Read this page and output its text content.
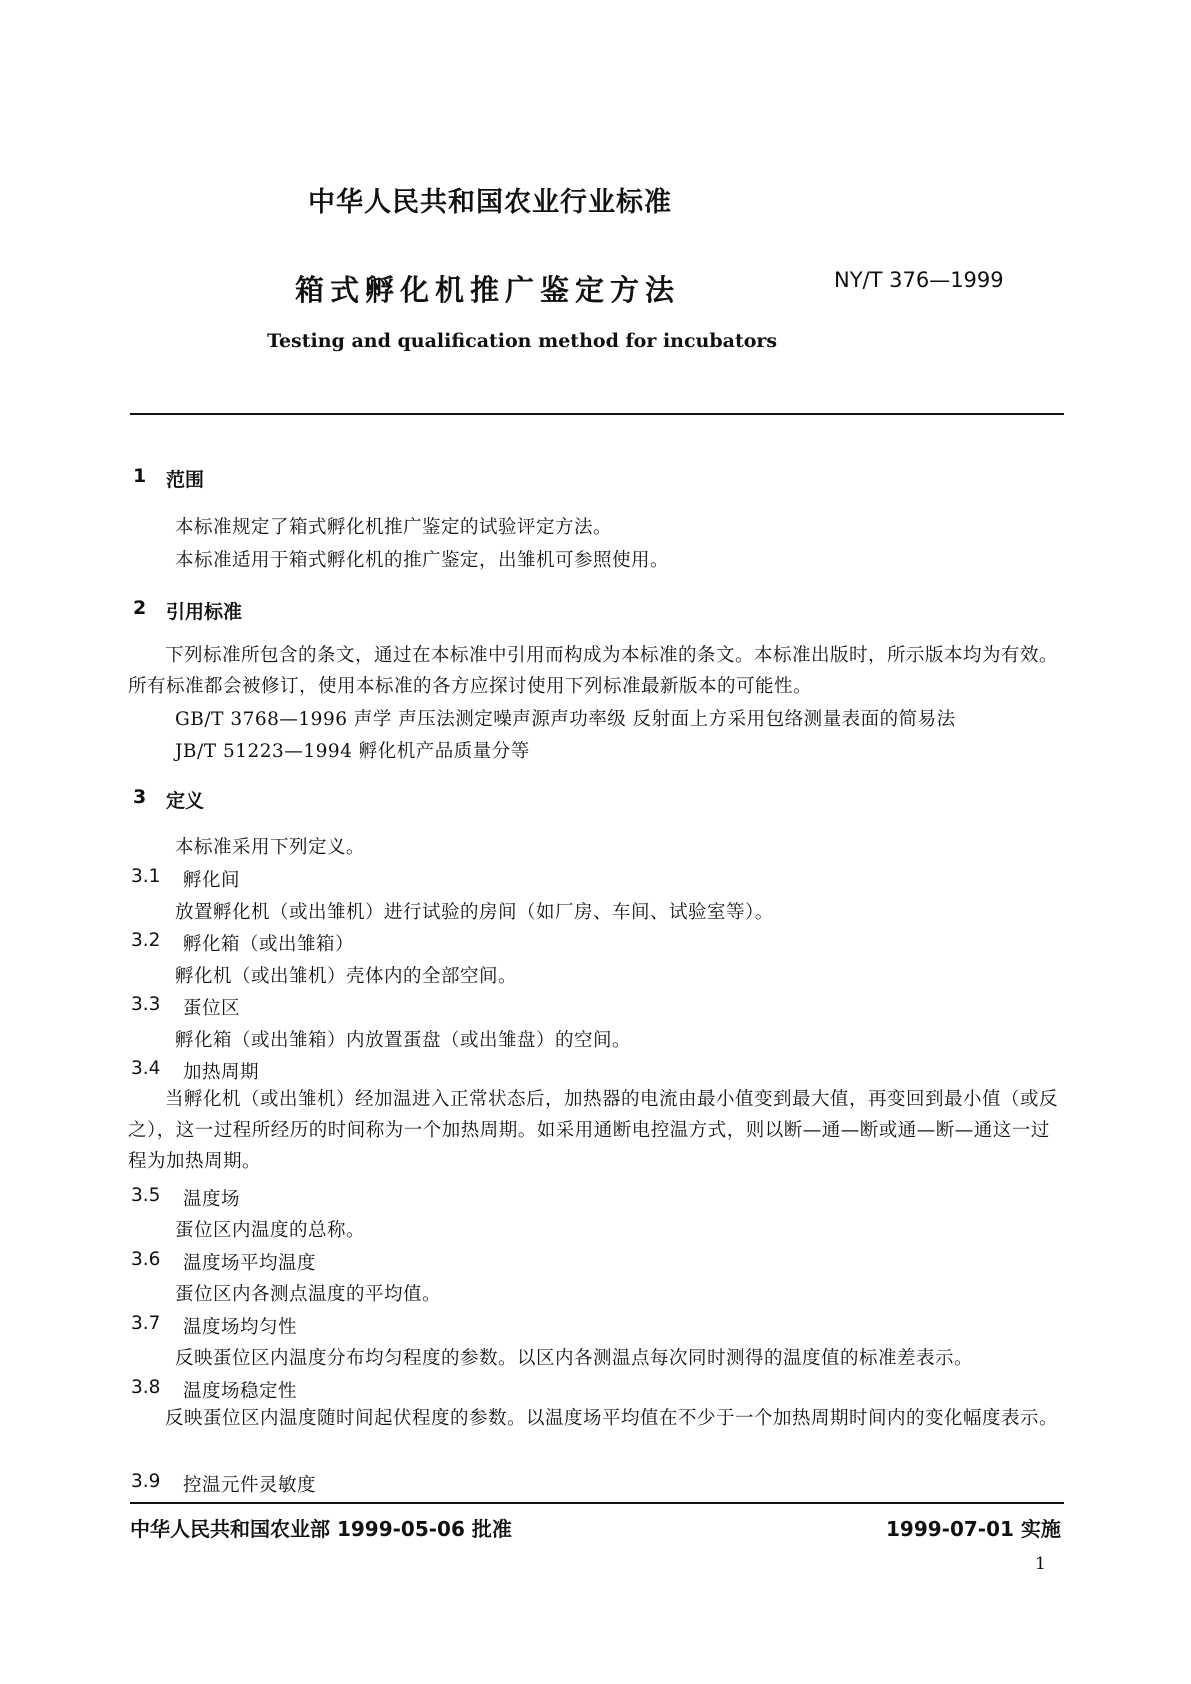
中华人民共和国农业行业标准
箱式孵化机推广鉴定方法	NY/T 376—1999
Testing and qualification method for incubators
1 范围
本标准规定了箱式孵化机推广鉴定的试验评定方法。
本标准适用于箱式孵化机的推广鉴定，出雏机可参照使用。
2 引用标准
下列标准所包含的条文，通过在本标准中引用而构成为本标准的条文。本标准出版时，所示版本均为有效。所有标准都会被修订，使用本标准的各方应探讨使用下列标准最新版本的可能性。
GB/T 3768—1996 声学 声压法测定噪声源声功率级 反射面上方采用包络测量表面的简易法
JB/T 51223—1994 孵化机产品质量分等
3 定义
本标准采用下列定义。
3.1 孵化间
放置孵化机（或出雏机）进行试验的房间（如厂房、车间、试验室等）。
3.2 孵化箱（或出雏箱）
孵化机（或出雏机）壳体内的全部空间。
3.3 蛋位区
孵化箱（或出雏箱）内放置蛋盘（或出雏盘）的空间。
3.4 加热周期
当孵化机（或出雏机）经加温进入正常状态后，加热器的电流由最小值变到最大值，再变回到最小值（或反之），这一过程所经历的时间称为一个加热周期。如采用通断电控温方式，则以断—通—断或通—断—通这一过程为加热周期。
3.5 温度场
蛋位区内温度的总称。
3.6 温度场平均温度
蛋位区内各测点温度的平均值。
3.7 温度场均匀性
反映蛋位区内温度分布均匀程度的参数。以区内各测温点每次同时测得的温度值的标准差表示。
3.8 温度场稳定性
反映蛋位区内温度随时间起伏程度的参数。以温度场平均值在不少于一个加热周期时间内的变化幅度表示。
3.9 控温元件灵敏度
中华人民共和国农业部 1999-05-06 批准	1999-07-01 实施
1
